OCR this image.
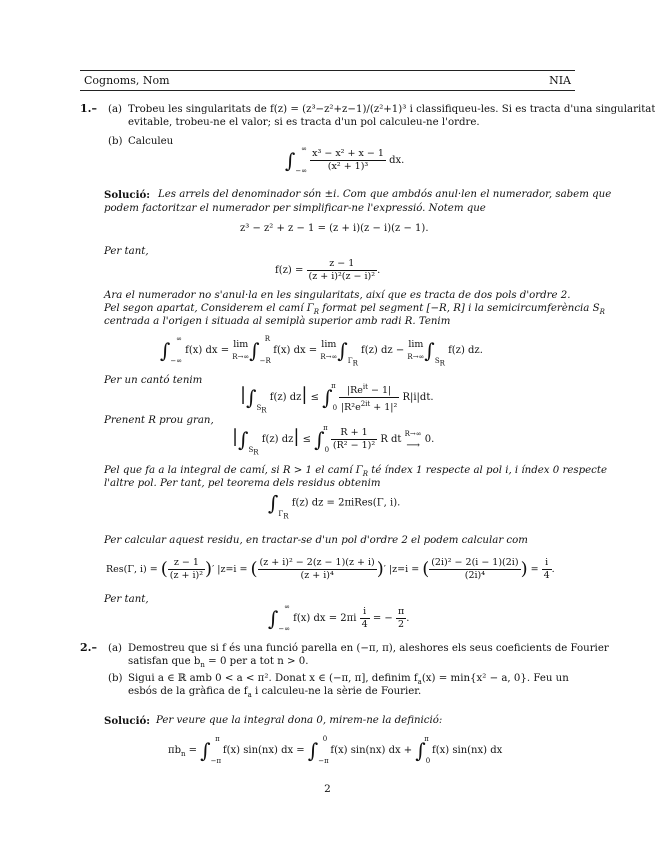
Cognoms, Nom	NIA
1.– (a) Trobeu les singularitats de f(z) = (z³−z²+z−1)/(z²+1)³ i classifiqueu-les. Si es tracta d'una singularitat
evitable, trobeu-ne el valor; si es tracta d'un pol calculeu-ne l'ordre.
(b) Calculeu
$\int_{-\infty}^\infty \frac{\text{x³ − x² + x − 1}}{\text{(x² + 1)³}}$ dx.
Solució: Les arrels del denominador són ±i. Com que ambdós anul·len el numerador, sabem que
podem factoritzar el numerador per simplificar-ne l'expressió. Notem que
z³ − z² + z − 1 = (z + i)(z − i)(z − 1).
Per tant,
$f(z) = \frac{z - 1}{\text{(z + i)²(z − i)²}}$ .
Ara el numerador no s'anul·la en les singularitats, així que es tracta de dos pols d'ordre 2.
Pel segon apartat, Considerem el camí $\Gamma_R$ format pel segment [−R, R] i la semicircumferència $S_R$
centrada a l'origen i situada al semiplà superior amb radi R. Tenim
$\int_{-\infty}^\infty$ f(x) dx = lim
R→∞ $\int_{-R}^R$ f(x) dx = lim
R→∞ $\int_{\Gamma_R}$ f(z) dz − lim
R→∞ $\int_{S_R}$ f(z) dz.
Per un cantó tenim
$|\int_{S_R}$ f(z) $dz| \le \int_0^\pi \frac{|Re^{it} - 1|}{|R^2e^{2it} + 1|^2} R|i|dt$.
Prenent R prou gran,
$|\int_{S_R}$ f(z) $dz| \le \int_0^\pi \frac{R + 1}{\text{(R² − 1)²}}$ R dt
R→∞
⟶ 0.
Pel que fa a la integral de camí, si R > 1 el camí $\Gamma_R$ té índex 1 respecte al pol i, i índex 0 respecte
l'altre pol. Per tant, pel teorema dels residus obtenim
$\int_{\Gamma_R}$ f(z) dz = 2πiRes(Γ, i).
Per calcular aquest residu, en tractar-se d'un pol d'ordre 2 el podem calcular com
Res(Γ, i) = ( $\frac{z - 1}{\text{(z + i)²}}$ )′ |z=i = ( $\frac{\text{(z + i)² − 2(z − 1)(z + i)}}{\text{(z + i)⁴}}$ )′ |z=i = ( $\frac{\text{(2i)² − 2(i − 1)(2i)}}{\text{(2i)⁴}}$ ) = $\frac{i}{4}$ .
Per tant,
$\int_{-\infty}^\infty$ f(x) dx = $2\pi i \frac{i}{4}$ = − $\frac{\pi}{2}$ .
2.– (a) Demostreu que si f és una funció parella en (−π, π), aleshores els seus coeficients de Fourier
satisfan que $b_n = 0$ per a tot n > 0.
(b) Sigui a ∈ ℝ amb 0 < a < π². Donat x ∈ (−π, π], definim $f_a(x) = \min\{x^2 - a$, 0}. Feu un
esbós de la gràfica de $f_a$ i calculeu-ne la sèrie de Fourier.
Solució: Per veure que la integral dona 0, mirem-ne la definició:
$\pi b_n = \int_{-\pi}^\pi$ f(x) sin(nx) dx = $\int_{-\pi}^0$ f(x) sin(nx) dx + $\int_0^\pi$ f(x) sin(nx) dx
2
